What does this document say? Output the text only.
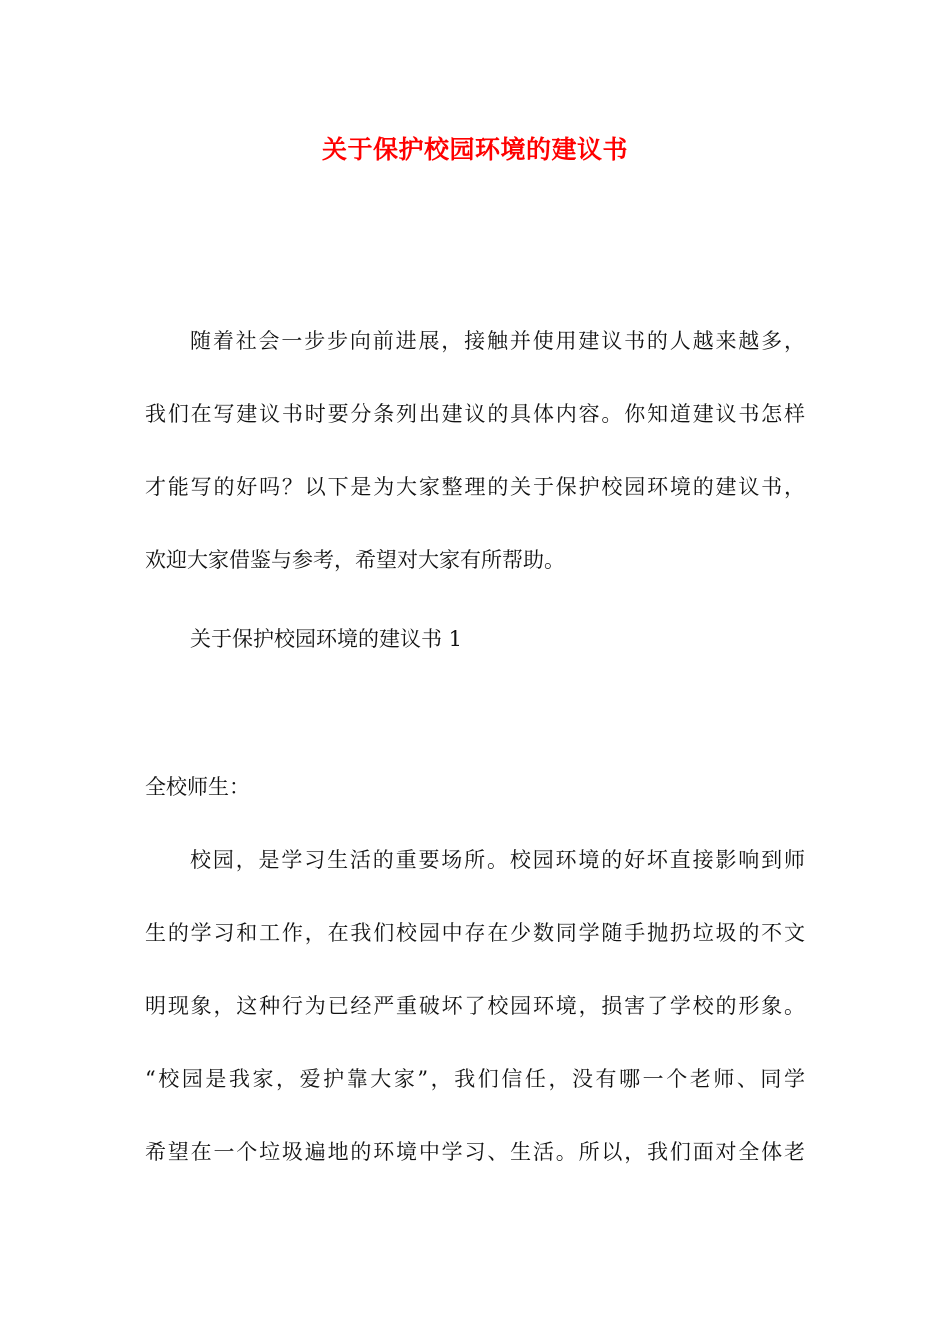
关于保护校园环境的建议书
随着社会一步步向前进展，接触并使用建议书的人越来越多，
我们在写建议书时要分条列出建议的具体内容。你知道建议书怎样
才能写的好吗？以下是为大家整理的关于保护校园环境的建议书，
欢迎大家借鉴与参考，希望对大家有所帮助。
关于保护校园环境的建议书 1
全校师生：
校园，是学习生活的重要场所。校园环境的好坏直接影响到师
生的学习和工作，在我们校园中存在少数同学随手抛扔垃圾的不文
明现象，这种行为已经严重破坏了校园环境，损害了学校的形象。
“校园是我家，爱护靠大家”，我们信任，没有哪一个老师、同学
希望在一个垃圾遍地的环境中学习、生活。所以，我们面对全体老
